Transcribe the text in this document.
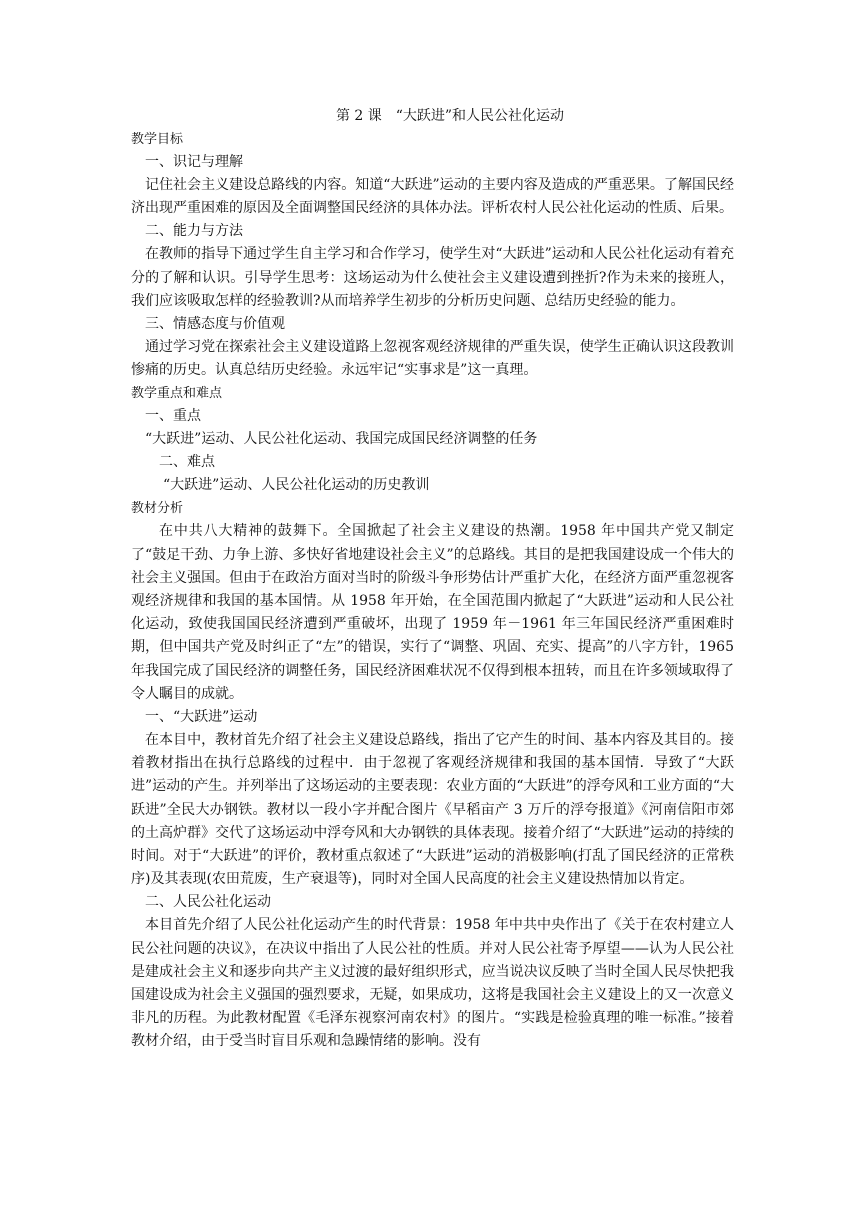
第 2 课　“大跃进”和人民公社化运动
教学目标
一、识记与理解

记住社会主义建设总路线的内容。知道“大跃进”运动的主要内容及造成的严重恶果。了解国民经济出现严重困难的原因及全面调整国民经济的具体办法。评析农村人民公社化运动的性质、后果。

二、能力与方法

在教师的指导下通过学生自主学习和合作学习，使学生对“大跃进”运动和人民公社化运动有着充分的了解和认识。引导学生思考：这场运动为什么使社会主义建设遭到挫折?作为未来的接班人，我们应该吸取怎样的经验教训?从而培养学生初步的分析历史问题、总结历史经验的能力。

三、情感态度与价值观

通过学习党在探索社会主义建设道路上忽视客观经济规律的严重失误，使学生正确认识这段教训惨痛的历史。认真总结历史经验。永远牢记“实事求是”这一真理。

教学重点和难点
一、重点
“大跃进”运动、人民公社化运动、我国完成国民经济调整的任务
二、难点
“大跃进”运动、人民公社化运动的历史教训
教材分析

在中共八大精神的鼓舞下。全国掀起了社会主义建设的热潮。1958 年中国共产党又制定了“鼓足干劲、力争上游、多快好省地建设社会主义”的总路线。其目的是把我国建设成一个伟大的社会主义强国。但由于在政治方面对当时的阶级斗争形势估计严重扩大化，在经济方面严重忽视客观经济规律和我国的基本国情。从 1958 年开始，在全国范围内掀起了“大跃进”运动和人民公社化运动，致使我国国民经济遭到严重破坏，出现了 1959 年－1961 年三年国民经济严重困难时期，但中国共产党及时纠正了“左”的错误，实行了“调整、巩固、充实、提高”的八字方针，1965 年我国完成了国民经济的调整任务，国民经济困难状况不仅得到根本扭转，而且在许多领域取得了令人瞩目的成就。

一、“大跃进”运动

在本目中，教材首先介绍了社会主义建设总路线，指出了它产生的时间、基本内容及其目的。接着教材指出在执行总路线的过程中．由于忽视了客观经济规律和我国的基本国情．导致了“大跃进”运动的产生。并列举出了这场运动的主要表现：农业方面的“大跃进”的浮夸风和工业方面的“大跃进”全民大办钢铁。教材以一段小字并配合图片《早稻亩产 3 万斤的浮夸报道》《河南信阳市郊的土高炉群》交代了这场运动中浮夸风和大办钢铁的具体表现。接着介绍了“大跃进”运动的持续的时间。对于“大跃进”的评价，教材重点叙述了“大跃进”运动的消极影响(打乱了国民经济的正常秩序)及其表现(农田荒废，生产衰退等)，同时对全国人民高度的社会主义建设热情加以肯定。

二、人民公社化运动

本目首先介绍了人民公社化运动产生的时代背景：1958 年中共中央作出了《关于在农村建立人民公社问题的决议》，在决议中指出了人民公社的性质。并对人民公社寄予厚望——认为人民公社是建成社会主义和逐步向共产主义过渡的最好组织形式，应当说决议反映了当时全国人民尽快把我国建设成为社会主义强国的强烈要求，无疑，如果成功，这将是我国社会主义建设上的又一次意义非凡的历程。为此教材配置《毛泽东视察河南农村》的图片。“实践是检验真理的唯一标准。”接着教材介绍，由于受当时盲目乐观和急躁情绪的影响。没有
